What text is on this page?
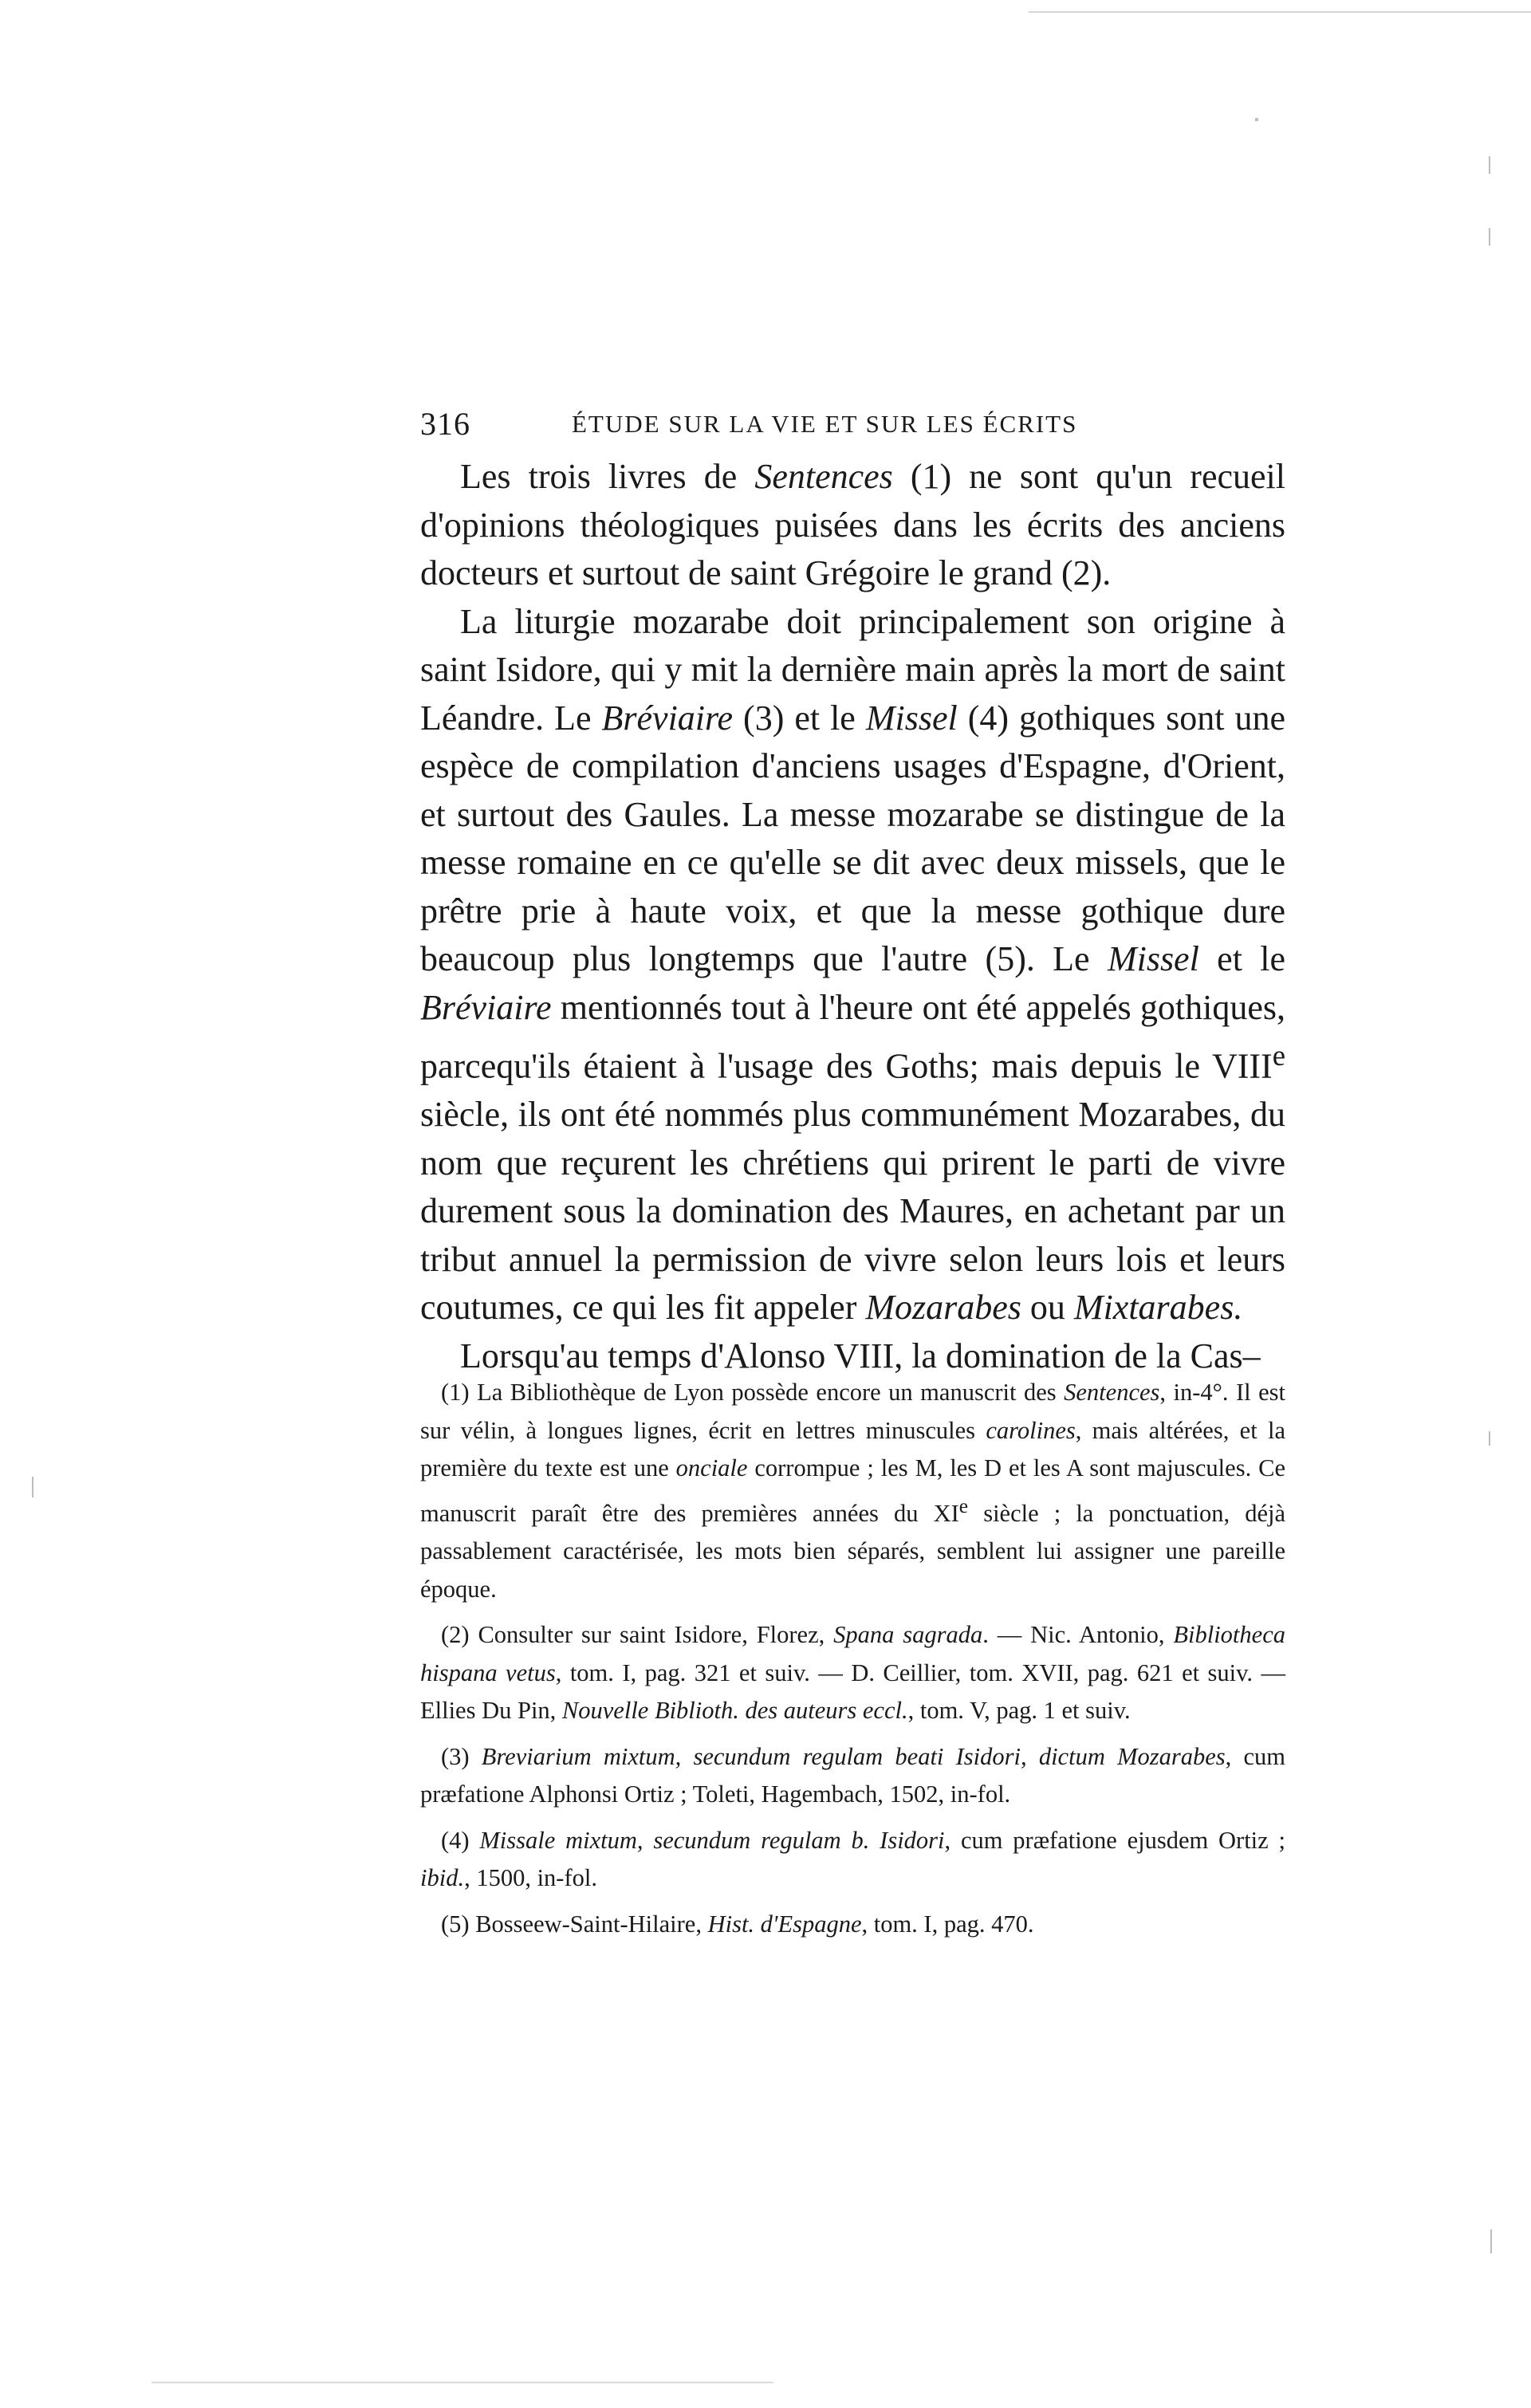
316	ÉTUDE SUR LA VIE ET SUR LES ÉCRITS

Les trois livres de Sentences (1) ne sont qu'un recueil d'opinions théologiques puisées dans les écrits des anciens docteurs et surtout de saint Grégoire le grand (2).

La liturgie mozarabe doit principalement son origine à saint Isidore, qui y mit la dernière main après la mort de saint Léandre. Le Bréviaire (3) et le Missel (4) gothiques sont une espèce de compilation d'anciens usages d'Espagne, d'Orient, et surtout des Gaules. La messe mozarabe se distingue de la messe romaine en ce qu'elle se dit avec deux missels, que le prêtre prie à haute voix, et que la messe gothique dure beaucoup plus longtemps que l'autre (5). Le Missel et le Bréviaire mentionnés tout à l'heure ont été appelés gothiques, parcequ'ils étaient à l'usage des Goths; mais depuis le VIIIe siècle, ils ont été nommés plus communément Mozarabes, du nom que reçurent les chrétiens qui prirent le parti de vivre durement sous la domination des Maures, en achetant par un tribut annuel la permission de vivre selon leurs lois et leurs coutumes, ce qui les fit appeler Mozarabes ou Mixtarabes.

Lorsqu'au temps d'Alonso VIII, la domination de la Cas–

(1) La Bibliothèque de Lyon possède encore un manuscrit des Sentences, in-4°. Il est sur vélin, à longues lignes, écrit en lettres minuscules carolines, mais altérées, et la première du texte est une onciale corrompue ; les M, les D et les A sont majuscules. Ce manuscrit paraît être des premières années du XIe siècle ; la ponctuation, déjà passablement caractérisée, les mots bien séparés, semblent lui assigner une pareille époque.

(2) Consulter sur saint Isidore, Florez, Spana sagrada. — Nic. Antonio, Bibliotheca hispana vetus, tom. I, pag. 321 et suiv. — D. Ceillier, tom. XVII, pag. 621 et suiv. — Ellies Du Pin, Nouvelle Biblioth. des auteurs eccl., tom. V, pag. 1 et suiv.

(3) Breviarium mixtum, secundum regulam beati Isidori, dictum Mozarabes, cum præfatione Alphonsi Ortiz ; Toleti, Hagembach, 1502, in-fol.

(4) Missale mixtum, secundum regulam b. Isidori, cum præfatione ejusdem Ortiz ; ibid., 1500, in-fol.

(5) Bosseew-Saint-Hilaire, Hist. d'Espagne, tom. I, pag. 470.
